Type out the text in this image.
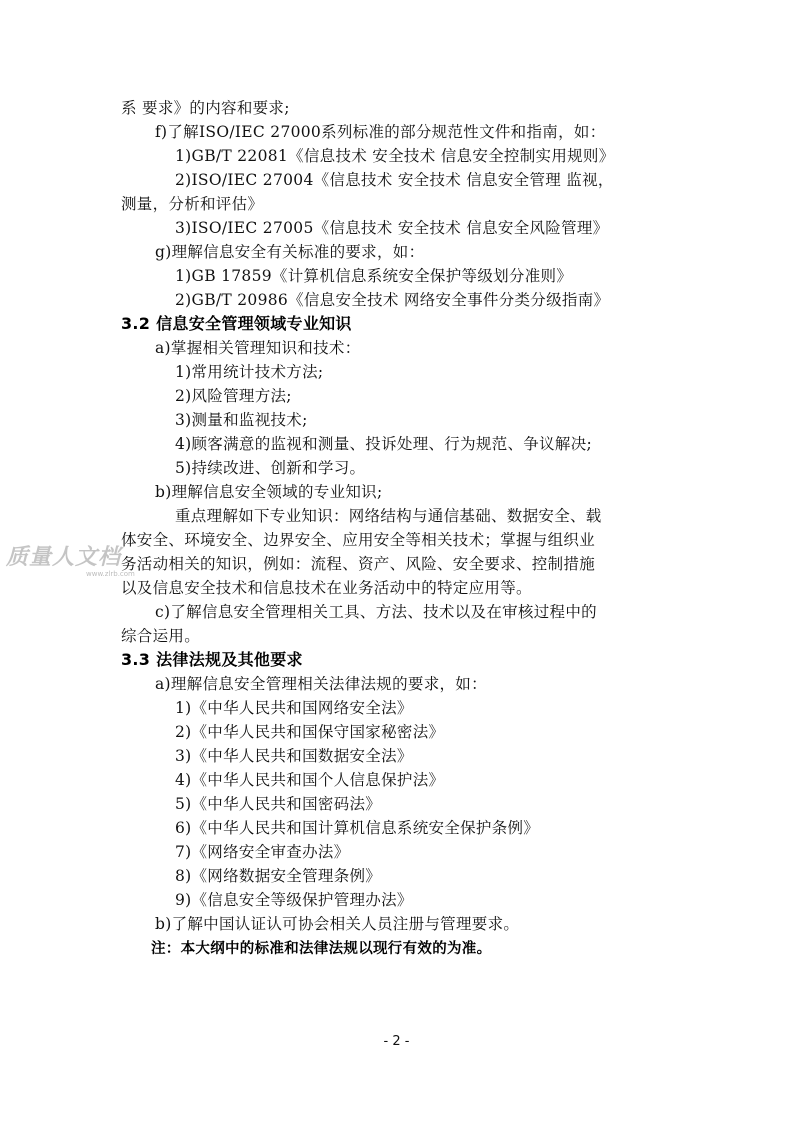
系 要求》的内容和要求;
f)了解ISO/IEC 27000系列标准的部分规范性文件和指南，如：
1)GB/T 22081《信息技术 安全技术 信息安全控制实用规则》
2)ISO/IEC 27004《信息技术 安全技术 信息安全管理 监视，
测量，分析和评估》
3)ISO/IEC 27005《信息技术 安全技术 信息安全风险管理》
g)理解信息安全有关标准的要求，如：
1)GB 17859《计算机信息系统安全保护等级划分准则》
2)GB/T 20986《信息安全技术 网络安全事件分类分级指南》
3.2 信息安全管理领域专业知识
a)掌握相关管理知识和技术：
1)常用统计技术方法;
2)风险管理方法;
3)测量和监视技术;
4)顾客满意的监视和测量、投诉处理、行为规范、争议解决;
5)持续改进、创新和学习。
b)理解信息安全领域的专业知识;
重点理解如下专业知识：网络结构与通信基础、数据安全、载
体安全、环境安全、边界安全、应用安全等相关技术；掌握与组织业
务活动相关的知识，例如：流程、资产、风险、安全要求、控制措施
以及信息安全技术和信息技术在业务活动中的特定应用等。
c)了解信息安全管理相关工具、方法、技术以及在审核过程中的
综合运用。
3.3 法律法规及其他要求
a)理解信息安全管理相关法律法规的要求，如：
1)《中华人民共和国网络安全法》
2)《中华人民共和国保守国家秘密法》
3)《中华人民共和国数据安全法》
4)《中华人民共和国个人信息保护法》
5)《中华人民共和国密码法》
6)《中华人民共和国计算机信息系统安全保护条例》
7)《网络安全审查办法》
8)《网络数据安全管理条例》
9)《信息安全等级保护管理办法》
b)了解中国认证认可协会相关人员注册与管理要求。
注：本大纲中的标准和法律法规以现行有效的为准。
质量人文档
www.zlrb.com
- 2 -
